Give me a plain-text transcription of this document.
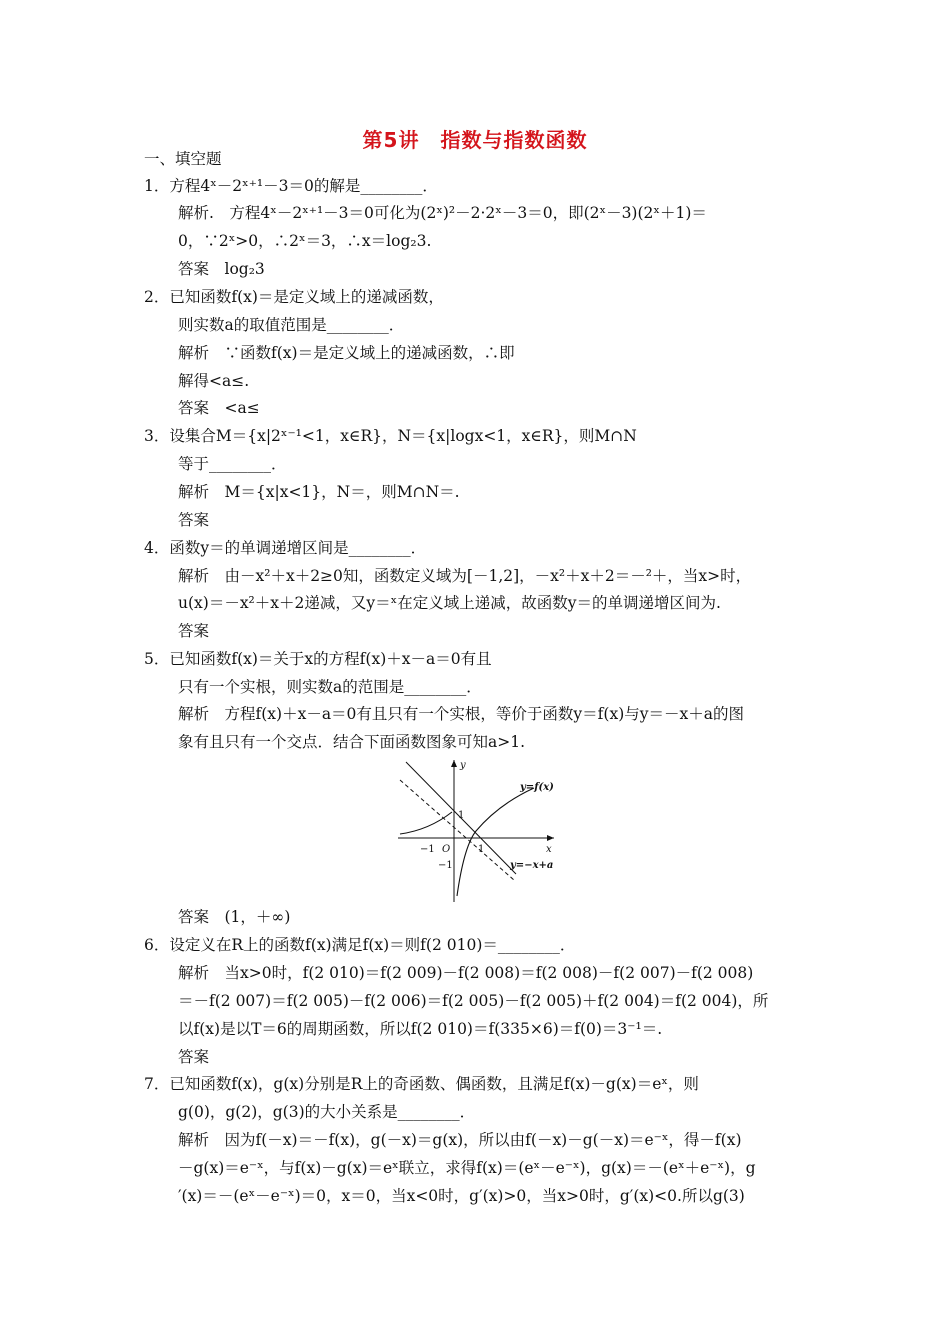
第5讲　指数与指数函数
一、填空题
1．方程4ˣ－2ˣ⁺¹－3＝0的解是________．
解析.　方程4ˣ－2ˣ⁺¹－3＝0可化为(2ˣ)²－2·2ˣ－3＝0，即(2ˣ－3)(2ˣ＋1)＝
0，∵2ˣ>0，∴2ˣ＝3，∴x＝log₂3.
答案　log₂3
2．已知函数f(x)＝是定义域上的递减函数，
则实数a的取值范围是________．
解析　∵函数f(x)＝是定义域上的递减函数，∴即
解得<a≤.
答案　<a≤
3．设集合M＝{x|2ˣ⁻¹<1，x∈R}，N＝{x|logx<1，x∈R}，则M∩N
等于________．
解析　M＝{x|x<1}，N＝，则M∩N＝.
答案
4．函数y＝的单调递增区间是________．
解析　由－x²＋x＋2≥0知，函数定义域为[－1,2]，－x²＋x＋2＝－²＋，当x>时，
u(x)＝－x²＋x＋2递减，又y＝ˣ在定义域上递减，故函数y＝的单调递增区间为.
答案
5．已知函数f(x)＝关于x的方程f(x)＋x－a＝0有且
只有一个实根，则实数a的范围是________．
解析　方程f(x)＋x－a＝0有且只有一个实根，等价于函数y＝f(x)与y＝－x＋a的图
象有且只有一个交点．结合下面函数图象可知a>1.
y
x
y=f(x)
y=−x+a
O	1
−1
1
−1
答案　(1，＋∞)
6．设定义在R上的函数f(x)满足f(x)＝则f(2 010)＝________．
解析　当x>0时，f(2 010)＝f(2 009)－f(2 008)＝f(2 008)－f(2 007)－f(2 008)
＝－f(2 007)＝f(2 005)－f(2 006)＝f(2 005)－f(2 005)＋f(2 004)＝f(2 004)，所
以f(x)是以T＝6的周期函数，所以f(2 010)＝f(335×6)＝f(0)＝3⁻¹＝.
答案
7．已知函数f(x)，g(x)分别是R上的奇函数、偶函数，且满足f(x)－g(x)＝eˣ，则
g(0)，g(2)，g(3)的大小关系是________．
解析　因为f(－x)＝－f(x)，g(－x)＝g(x)，所以由f(－x)－g(－x)＝e⁻ˣ，得－f(x)
－g(x)＝e⁻ˣ，与f(x)－g(x)＝eˣ联立，求得f(x)＝(eˣ－e⁻ˣ)，g(x)＝－(eˣ＋e⁻ˣ)，g
′(x)＝－(eˣ－e⁻ˣ)＝0，x＝0，当x<0时，g′(x)>0，当x>0时，g′(x)<0.所以g(3)
